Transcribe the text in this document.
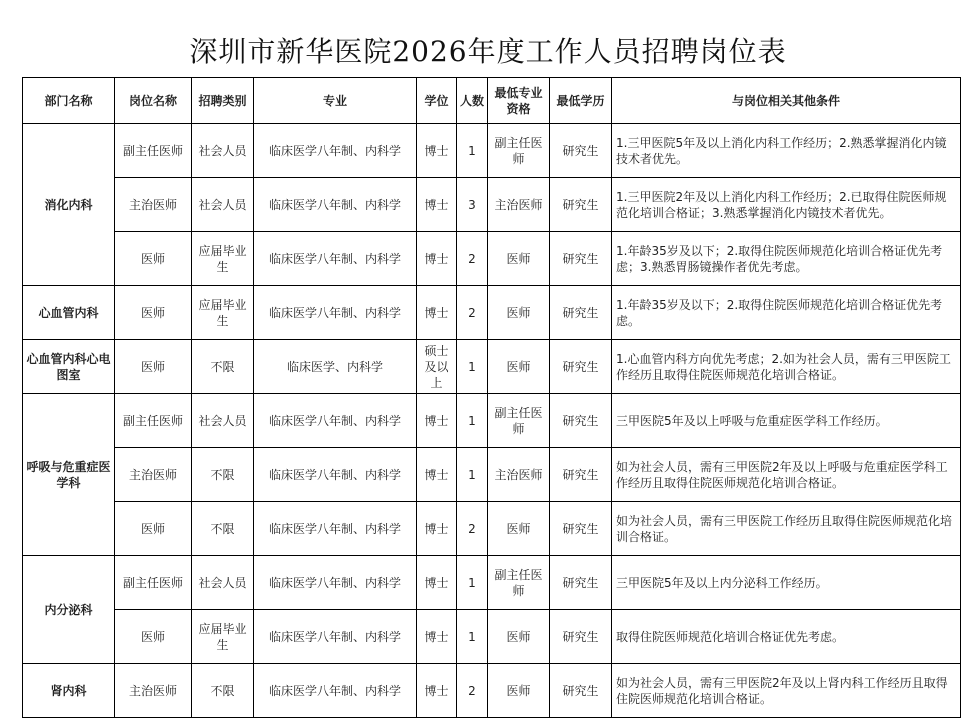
深圳市新华医院2026年度工作人员招聘岗位表
部门名称	岗位名称	招聘类别	专业	学位	人数	最低专业资格	最低学历	与岗位相关其他条件
消化内科	副主任医师	社会人员	临床医学八年制、内科学	博士	1	副主任医师	研究生	1.三甲医院5年及以上消化内科工作经历；2.熟悉掌握消化内镜技术者优先。
	主治医师	社会人员	临床医学八年制、内科学	博士	3	主治医师	研究生	1.三甲医院2年及以上消化内科工作经历；2.已取得住院医师规范化培训合格证；3.熟悉掌握消化内镜技术者优先。
	医师	应届毕业生	临床医学八年制、内科学	博士	2	医师	研究生	1.年龄35岁及以下；2.取得住院医师规范化培训合格证优先考虑；3.熟悉胃肠镜操作者优先考虑。
心血管内科	医师	应届毕业生	临床医学八年制、内科学	博士	2	医师	研究生	1.年龄35岁及以下；2.取得住院医师规范化培训合格证优先考虑。
心血管内科心电图室	医师	不限	临床医学、内科学	硕士及以上	1	医师	研究生	1.心血管内科方向优先考虑；2.如为社会人员，需有三甲医院工作经历且取得住院医师规范化培训合格证。
呼吸与危重症医学科	副主任医师	社会人员	临床医学八年制、内科学	博士	1	副主任医师	研究生	三甲医院5年及以上呼吸与危重症医学科工作经历。
	主治医师	不限	临床医学八年制、内科学	博士	1	主治医师	研究生	如为社会人员，需有三甲医院2年及以上呼吸与危重症医学科工作经历且取得住院医师规范化培训合格证。
	医师	不限	临床医学八年制、内科学	博士	2	医师	研究生	如为社会人员，需有三甲医院工作经历且取得住院医师规范化培训合格证。
内分泌科	副主任医师	社会人员	临床医学八年制、内科学	博士	1	副主任医师	研究生	三甲医院5年及以上内分泌科工作经历。
	医师	应届毕业生	临床医学八年制、内科学	博士	1	医师	研究生	取得住院医师规范化培训合格证优先考虑。
肾内科	主治医师	不限	临床医学八年制、内科学	博士	2	医师	研究生	如为社会人员，需有三甲医院2年及以上肾内科工作经历且取得住院医师规范化培训合格证。
